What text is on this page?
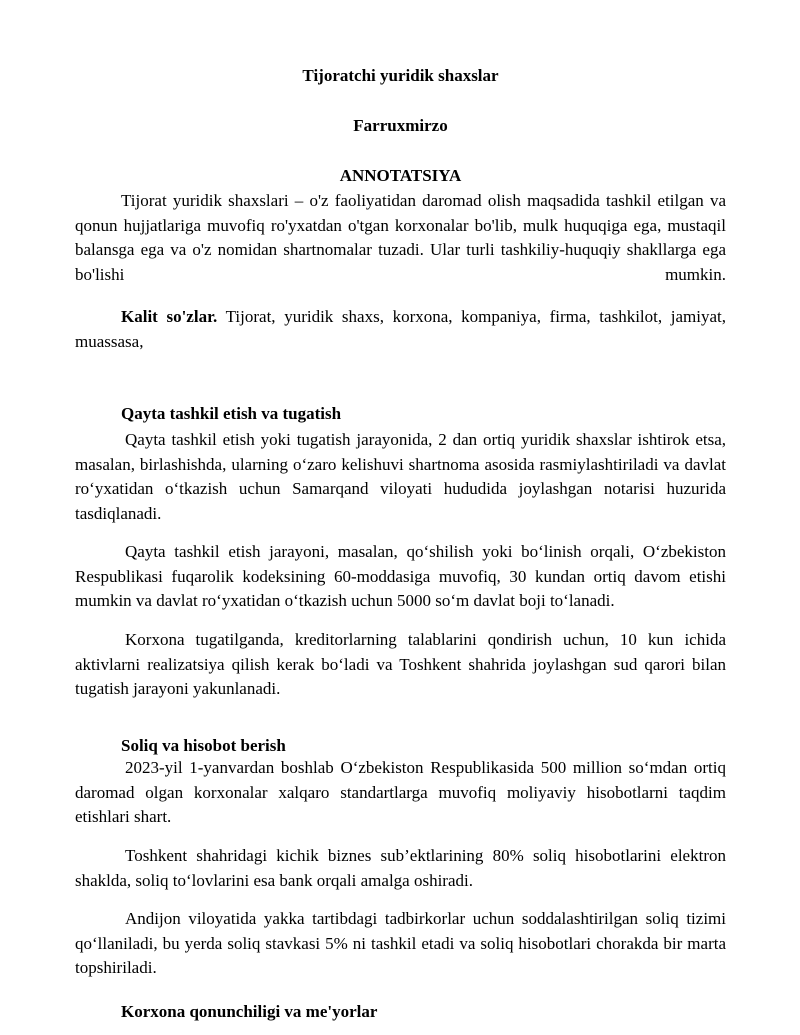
Tijoratchi yuridik shaxslar

Farruxmirzo

ANNOTATSIYA

Tijorat yuridik shaxslari – o'z faoliyatidan daromad olish maqsadida tashkil etilgan va qonun hujjatlariga muvofiq ro'yxatdan o'tgan korxonalar bo'lib, mulk huquqiga ega, mustaqil balansga ega va o'z nomidan shartnomalar tuzadi. Ular turli tashkiliy-huquqiy shakllarga ega bo'lishi mumkin.

Kalit so'zlar. Tijorat, yuridik shaxs, korxona, kompaniya, firma, tashkilot, jamiyat, muassasa,

Qayta tashkil etish va tugatish

Qayta tashkil etish yoki tugatish jarayonida, 2 dan ortiq yuridik shaxslar ishtirok etsa, masalan, birlashishda, ularning o‘zaro kelishuvi shartnoma asosida rasmiylashtiriladi va davlat ro‘yxatidan o‘tkazish uchun Samarqand viloyati hududida joylashgan notarisi huzurida tasdiqlanadi.

Qayta tashkil etish jarayoni, masalan, qo‘shilish yoki bo‘linish orqali, O‘zbekiston Respublikasi fuqarolik kodeksining 60-moddasiga muvofiq, 30 kundan ortiq davom etishi mumkin va davlat ro‘yxatidan o‘tkazish uchun 5000 so‘m davlat boji to‘lanadi.

Korxona tugatilganda, kreditorlarning talablarini qondirish uchun, 10 kun ichida aktivlarni realizatsiya qilish kerak bo‘ladi va Toshkent shahrida joylashgan sud qarori bilan tugatish jarayoni yakunlanadi.

Soliq va hisobot berish

2023-yil 1-yanvardan boshlab O‘zbekiston Respublikasida 500 million so‘mdan ortiq daromad olgan korxonalar xalqaro standartlarga muvofiq moliyaviy hisobotlarni taqdim etishlari shart.

Toshkent shahridagi kichik biznes sub’ektlarining 80% soliq hisobotlarini elektron shaklda, soliq to‘lovlarini esa bank orqali amalga oshiradi.

Andijon viloyatida yakka tartibdagi tadbirkorlar uchun soddalashtirilgan soliq tizimi qo‘llaniladi, bu yerda soliq stavkasi 5% ni tashkil etadi va soliq hisobotlari chorakda bir marta topshiriladi.

Korxona qonunchiligi va me'yorlar
